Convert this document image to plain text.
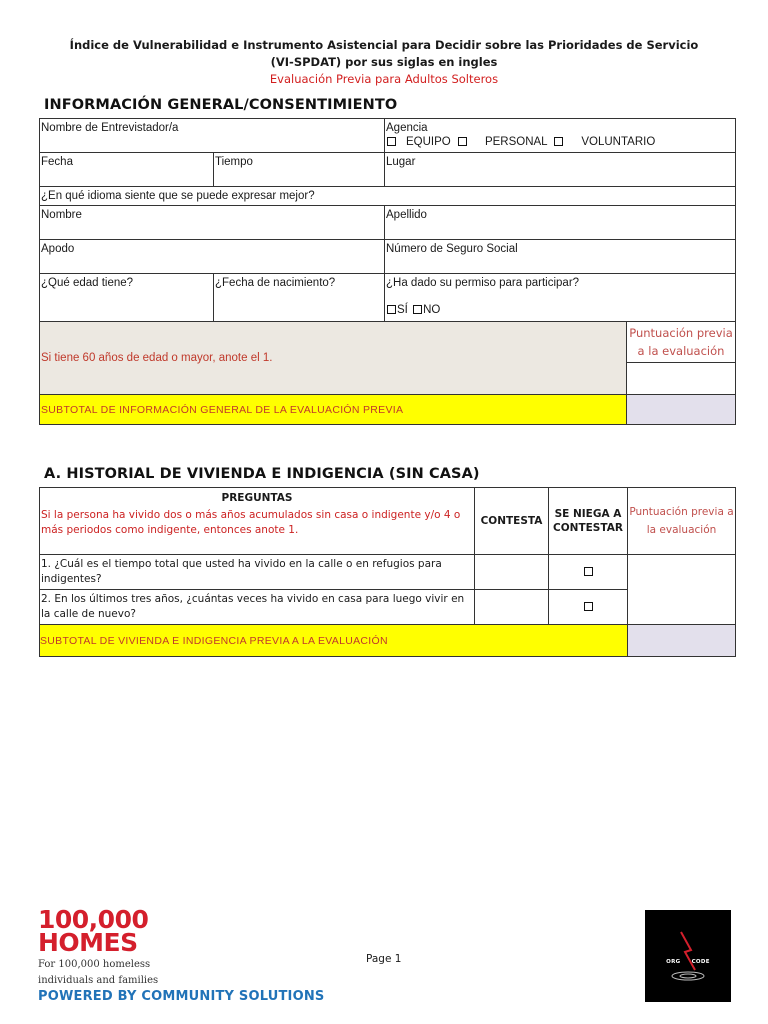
Índice de Vulnerabilidad e Instrumento Asistencial para Decidir sobre las Prioridades de Servicio
(VI-SPDAT) por sus siglas en ingles
Evaluación Previa para Adultos Solteros
INFORMACIÓN GENERAL/CONSENTIMIENTO
Nombre de Entrevistador/a		Agencia
EQUIPO PERSONAL VOLUNTARIO	

Fecha	Tiempo	Lugar	
¿En qué idioma siente que se puede expresar mejor?			
Nombre		Apellido	
Apodo		Número de Seguro Social	
¿Qué edad tiene?	¿Fecha de nacimiento?	¿Ha dado su permiso para participar?
SÍ NO	

Si tiene 60 años de edad o mayor, anote el 1.			Puntuación previa a la evaluación

SUBTOTAL DE INFORMACIÓN GENERAL DE LA EVALUACIÓN PREVIA			
A. HISTORIAL DE VIVIENDA E INDIGENCIA (SIN CASA)
PREGUNTAS	CONTESTA	SE NIEGA A CONTESTAR	Puntuación previa a la evaluación
Si la persona ha vivido dos o más años acumulados sin casa o indigente y/o 4 o más periodos como indigente, entonces anote 1.			
1. ¿Cuál es el tiempo total que usted ha vivido en la calle o en refugios para indigentes?			
2. En los últimos tres años, ¿cuántas veces ha vivido en casa para luego vivir en la calle de nuevo?			
SUBTOTAL DE VIVIENDA E INDIGENCIA PREVIA A LA EVALUACIÓN			
100,000
HOMES
For 100,000 homeless
individuals and families
POWERED BY COMMUNITY SOLUTIONS
Page 1	ORG CODE
